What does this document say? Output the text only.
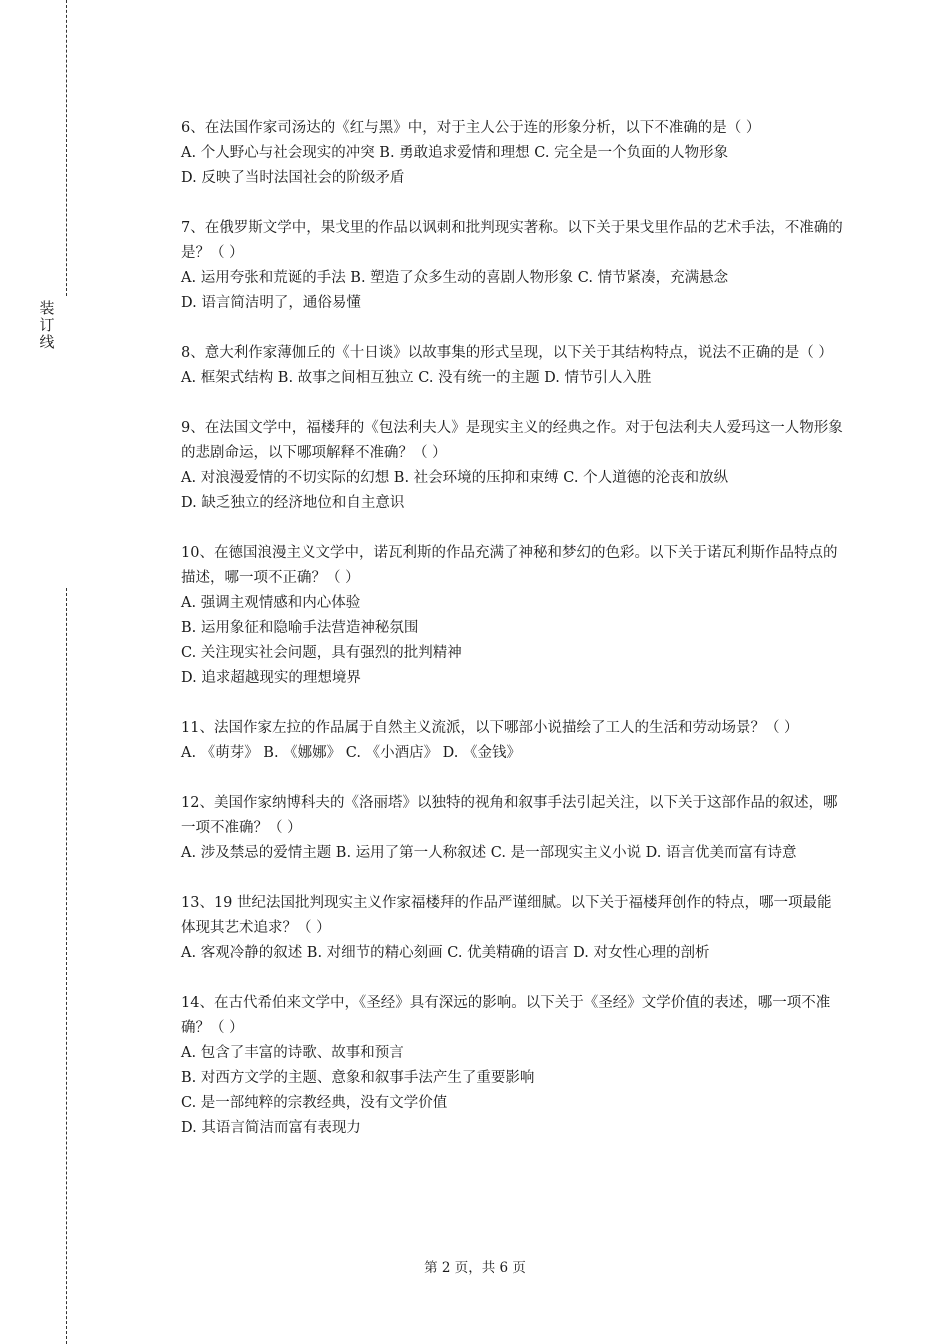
装
订
线

6、在法国作家司汤达的《红与黑》中，对于主人公于连的形象分析，以下不准确的是（ ）

A. 个人野心与社会现实的冲突 B. 勇敢追求爱情和理想 C. 完全是一个负面的人物形象

D. 反映了当时法国社会的阶级矛盾

7、在俄罗斯文学中，果戈里的作品以讽刺和批判现实著称。以下关于果戈里作品的艺术手法，不准确的是？（ ）

A. 运用夸张和荒诞的手法 B. 塑造了众多生动的喜剧人物形象 C. 情节紧凑，充满悬念

D. 语言简洁明了，通俗易懂

8、意大利作家薄伽丘的《十日谈》以故事集的形式呈现，以下关于其结构特点，说法不正确的是（ ）

A. 框架式结构 B. 故事之间相互独立 C. 没有统一的主题 D. 情节引人入胜

9、在法国文学中，福楼拜的《包法利夫人》是现实主义的经典之作。对于包法利夫人爱玛这一人物形象的悲剧命运，以下哪项解释不准确？（ ）

A. 对浪漫爱情的不切实际的幻想 B. 社会环境的压抑和束缚 C. 个人道德的沦丧和放纵

D. 缺乏独立的经济地位和自主意识

10、在德国浪漫主义文学中，诺瓦利斯的作品充满了神秘和梦幻的色彩。以下关于诺瓦利斯作品特点的描述，哪一项不正确？（ ）

A. 强调主观情感和内心体验

B. 运用象征和隐喻手法营造神秘氛围

C. 关注现实社会问题，具有强烈的批判精神

D. 追求超越现实的理想境界

11、法国作家左拉的作品属于自然主义流派，以下哪部小说描绘了工人的生活和劳动场景？（ ）

A. 《萌芽》 B. 《娜娜》 C. 《小酒店》 D. 《金钱》

12、美国作家纳博科夫的《洛丽塔》以独特的视角和叙事手法引起关注，以下关于这部作品的叙述，哪一项不准确？（ ）

A. 涉及禁忌的爱情主题 B. 运用了第一人称叙述 C. 是一部现实主义小说 D. 语言优美而富有诗意

13、19 世纪法国批判现实主义作家福楼拜的作品严谨细腻。以下关于福楼拜创作的特点，哪一项最能体现其艺术追求？（ ）

A. 客观冷静的叙述 B. 对细节的精心刻画 C. 优美精确的语言 D. 对女性心理的剖析

14、在古代希伯来文学中，《圣经》具有深远的影响。以下关于《圣经》文学价值的表述，哪一项不准确？（ ）

A. 包含了丰富的诗歌、故事和预言

B. 对西方文学的主题、意象和叙事手法产生了重要影响

C. 是一部纯粹的宗教经典，没有文学价值

D. 其语言简洁而富有表现力

第 2 页，共 6 页
